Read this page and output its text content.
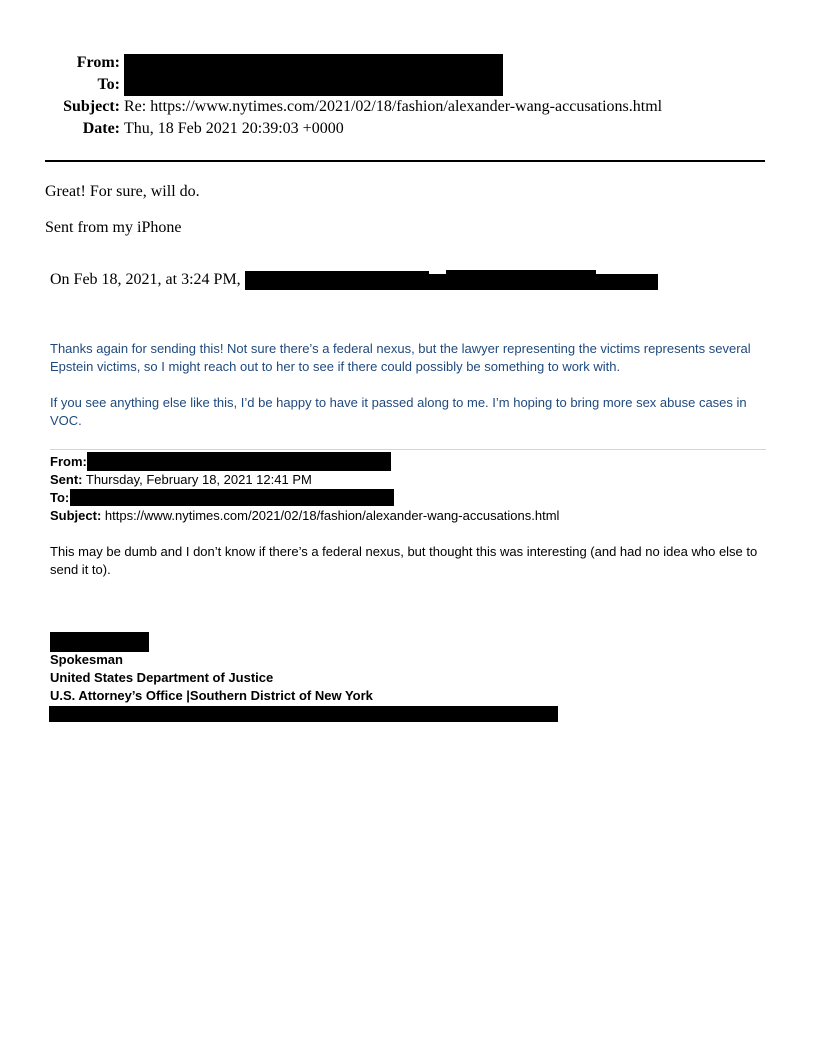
From:
To:
Subject: Re: https://www.nytimes.com/2021/02/18/fashion/alexander-wang-accusations.html
Date: Thu, 18 Feb 2021 20:39:03 +0000
Great! For sure, will do.
Sent from my iPhone
On Feb 18, 2021, at 3:24 PM,
Thanks again for sending this! Not sure there’s a federal nexus, but the lawyer representing the victims represents several Epstein victims, so I might reach out to her to see if there could possibly be something to work with.
If you see anything else like this, I’d be happy to have it passed along to me. I’m hoping to bring more sex abuse cases in VOC.
From:
Sent: Thursday, February 18, 2021 12:41 PM
To:
Subject: https://www.nytimes.com/2021/02/18/fashion/alexander-wang-accusations.html
This may be dumb and I don’t know if there’s a federal nexus, but thought this was interesting (and had no idea who else to send it to).
Spokesman
United States Department of Justice
U.S. Attorney’s Office |Southern District of New York
